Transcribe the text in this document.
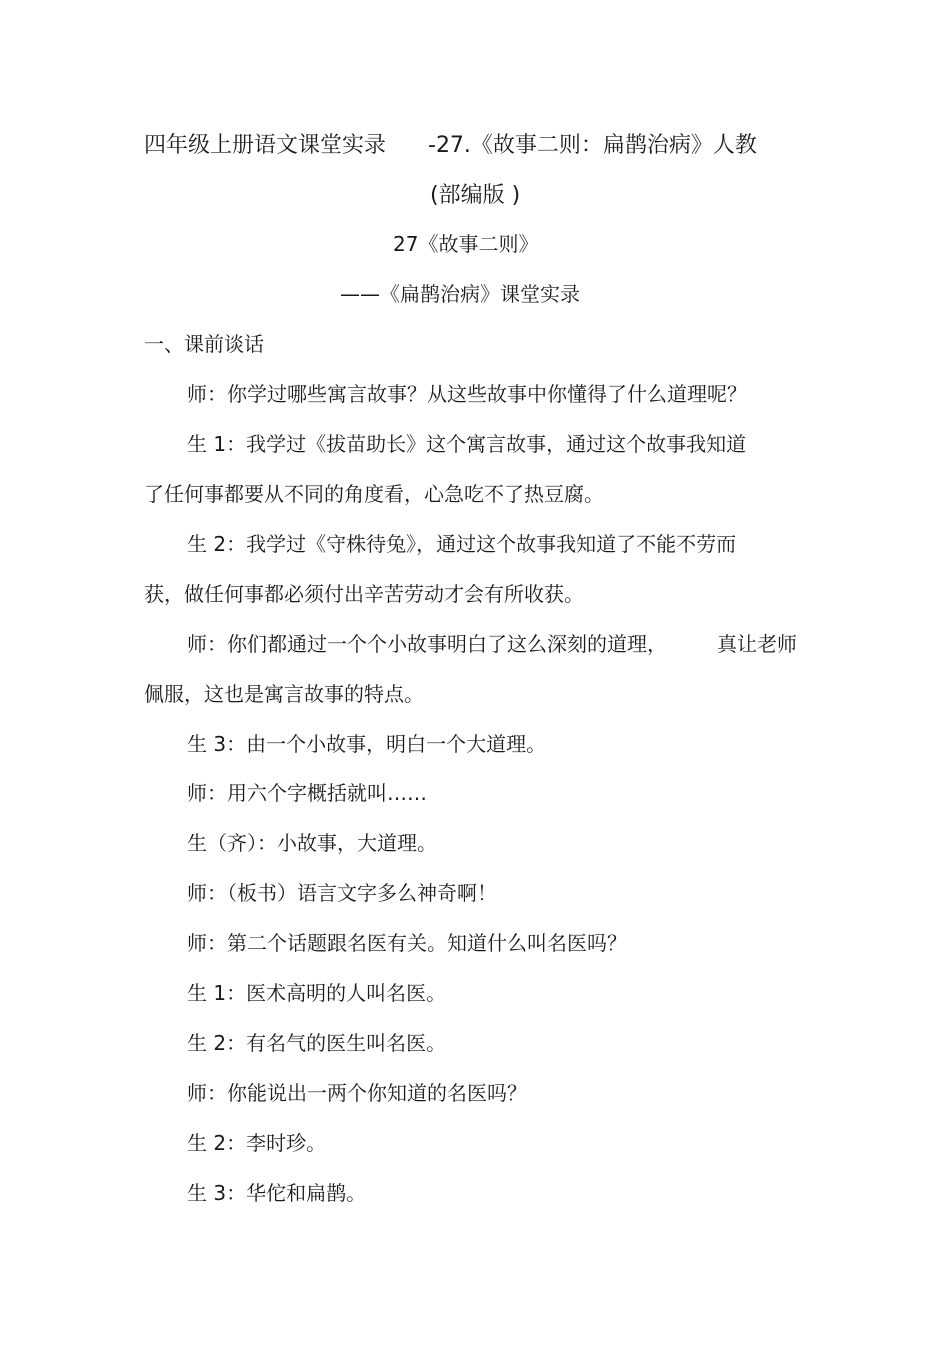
四年级上册语文课堂实录 -27.《故事二则：扁鹊治病》人教
(部编版 )
27《故事二则》
——《扁鹊治病》课堂实录
一、课前谈话
师：你学过哪些寓言故事？从这些故事中你懂得了什么道理呢？
生 1：我学过《拔苗助长》这个寓言故事，通过这个故事我知道
了任何事都要从不同的角度看，心急吃不了热豆腐。
生 2：我学过《守株待兔》，通过这个故事我知道了不能不劳而
获，做任何事都必须付出辛苦劳动才会有所收获。
师：你们都通过一个个小故事明白了这么深刻的道理，	真让老师
佩服，这也是寓言故事的特点。
生 3：由一个小故事，明白一个大道理。
师：用六个字概括就叫……
生（齐）：小故事，大道理。
师：（板书）语言文字多么神奇啊！
师：第二个话题跟名医有关。知道什么叫名医吗？
生 1：医术高明的人叫名医。
生 2：有名气的医生叫名医。
师：你能说出一两个你知道的名医吗？
生 2：李时珍。
生 3：华佗和扁鹊。
